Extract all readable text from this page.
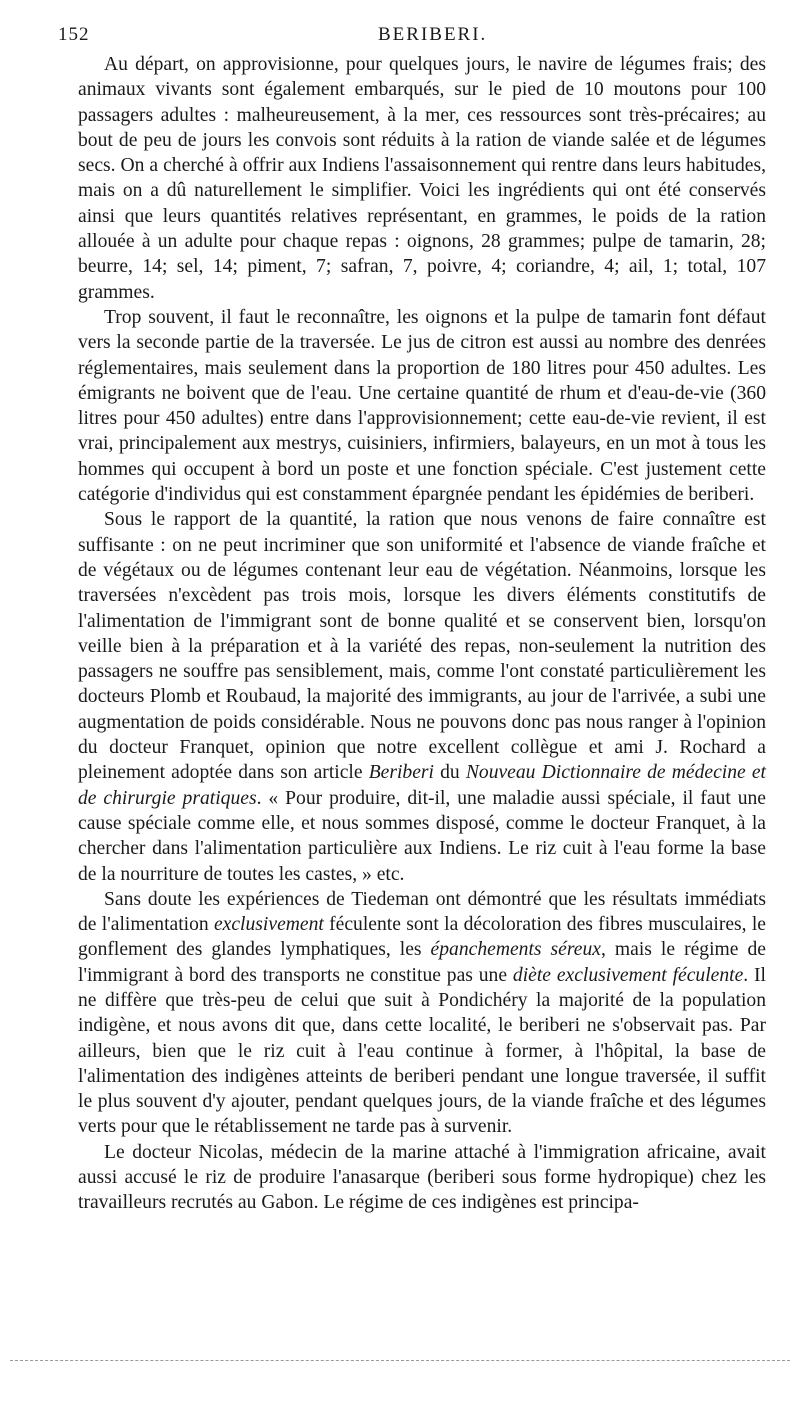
152	BERIBERI.

Au départ, on approvisionne, pour quelques jours, le navire de légumes frais; des animaux vivants sont également embarqués, sur le pied de 10 moutons pour 100 passagers adultes : malheureusement, à la mer, ces ressources sont très-précaires; au bout de peu de jours les convois sont réduits à la ration de viande salée et de légumes secs. On a cherché à offrir aux Indiens l'assaisonnement qui rentre dans leurs habitudes, mais on a dû naturellement le simplifier. Voici les ingrédients qui ont été conservés ainsi que leurs quantités relatives représentant, en grammes, le poids de la ration allouée à un adulte pour chaque repas : oignons, 28 grammes; pulpe de tamarin, 28; beurre, 14; sel, 14; piment, 7; safran, 7, poivre, 4; coriandre, 4; ail, 1; total, 107 grammes.

Trop souvent, il faut le reconnaître, les oignons et la pulpe de tamarin font défaut vers la seconde partie de la traversée. Le jus de citron est aussi au nombre des denrées réglementaires, mais seulement dans la proportion de 180 litres pour 450 adultes. Les émigrants ne boivent que de l'eau. Une certaine quantité de rhum et d'eau-de-vie (360 litres pour 450 adultes) entre dans l'approvisionnement; cette eau-de-vie revient, il est vrai, principalement aux mestrys, cuisiniers, infirmiers, balayeurs, en un mot à tous les hommes qui occupent à bord un poste et une fonction spéciale. C'est justement cette catégorie d'individus qui est constamment épargnée pendant les épidémies de beriberi.

Sous le rapport de la quantité, la ration que nous venons de faire connaître est suffisante : on ne peut incriminer que son uniformité et l'absence de viande fraîche et de végétaux ou de légumes contenant leur eau de végétation. Néanmoins, lorsque les traversées n'excèdent pas trois mois, lorsque les divers éléments constitutifs de l'alimentation de l'immigrant sont de bonne qualité et se conservent bien, lorsqu'on veille bien à la préparation et à la variété des repas, non-seulement la nutrition des passagers ne souffre pas sensiblement, mais, comme l'ont constaté particulièrement les docteurs Plomb et Roubaud, la majorité des immigrants, au jour de l'arrivée, a subi une augmentation de poids considérable. Nous ne pouvons donc pas nous ranger à l'opinion du docteur Franquet, opinion que notre excellent collègue et ami J. Rochard a pleinement adoptée dans son article Beriberi du Nouveau Dictionnaire de médecine et de chirurgie pratiques. « Pour produire, dit-il, une maladie aussi spéciale, il faut une cause spéciale comme elle, et nous sommes disposé, comme le docteur Franquet, à la chercher dans l'alimentation particulière aux Indiens. Le riz cuit à l'eau forme la base de la nourriture de toutes les castes, » etc.

Sans doute les expériences de Tiedeman ont démontré que les résultats immédiats de l'alimentation exclusivement féculente sont la décoloration des fibres musculaires, le gonflement des glandes lymphatiques, les épanchements séreux, mais le régime de l'immigrant à bord des transports ne constitue pas une diète exclusivement féculente. Il ne diffère que très-peu de celui que suit à Pondichéry la majorité de la population indigène, et nous avons dit que, dans cette localité, le beriberi ne s'observait pas. Par ailleurs, bien que le riz cuit à l'eau continue à former, à l'hôpital, la base de l'alimentation des indigènes atteints de beriberi pendant une longue traversée, il suffit le plus souvent d'y ajouter, pendant quelques jours, de la viande fraîche et des légumes verts pour que le rétablissement ne tarde pas à survenir.

Le docteur Nicolas, médecin de la marine attaché à l'immigration africaine, avait aussi accusé le riz de produire l'anasarque (beriberi sous forme hydropique) chez les travailleurs recrutés au Gabon. Le régime de ces indigènes est principa-
